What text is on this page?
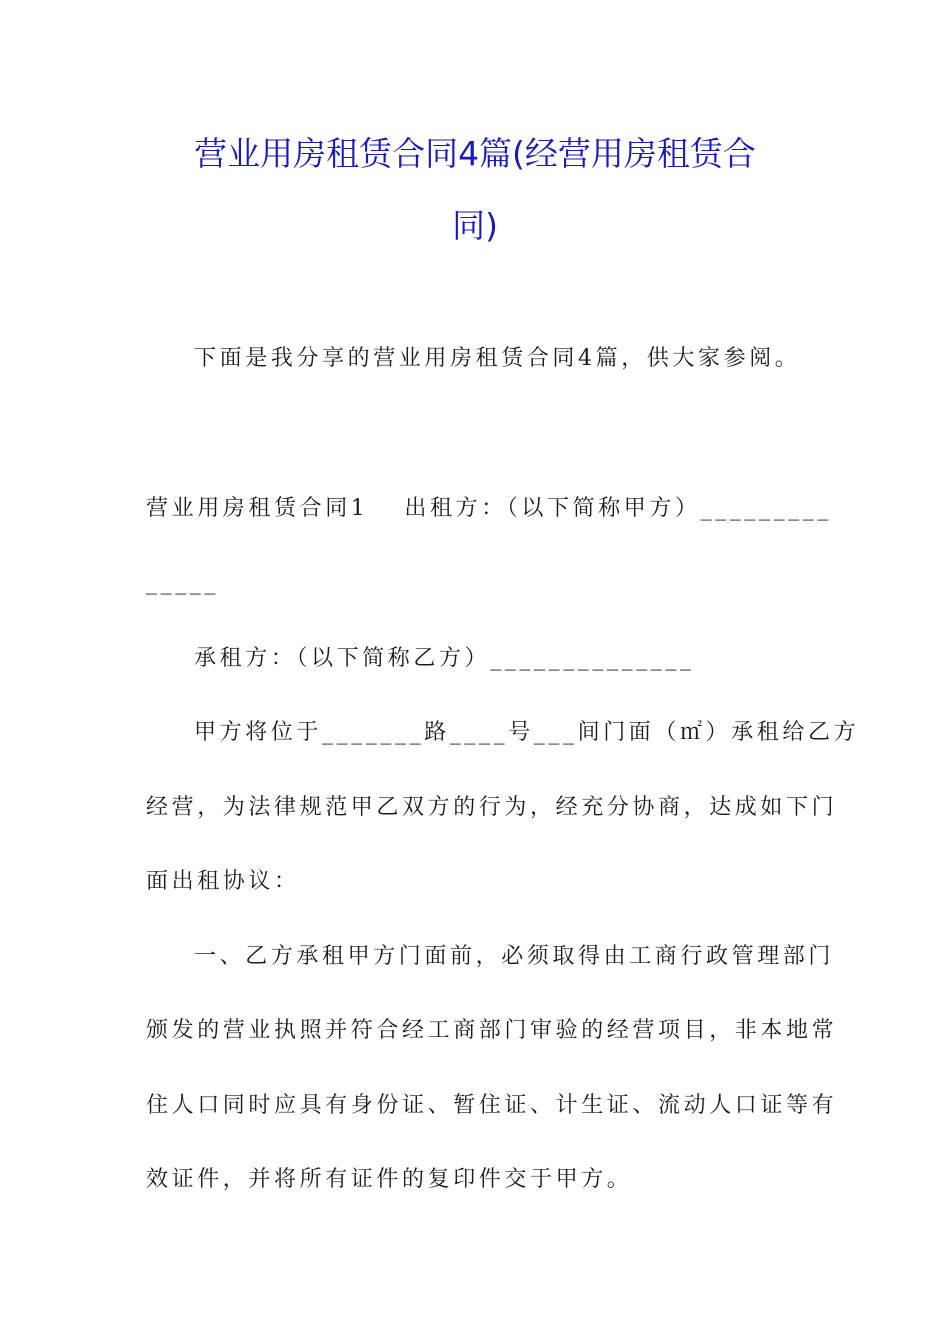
营业用房租赁合同4篇(经营用房租赁合
同)
下面是我分享的营业用房租赁合同4篇，供大家参阅。
营业用房租赁合同1 出租方：（以下简称甲方）_________
_____
承租方：（以下简称乙方）______________
甲方将位于_______路____号___间门面（㎡）承租给乙方
经营，为法律规范甲乙双方的行为，经充分协商，达成如下门
面出租协议：
一、乙方承租甲方门面前，必须取得由工商行政管理部门
颁发的营业执照并符合经工商部门审验的经营项目，非本地常
住人口同时应具有身份证、暂住证、计生证、流动人口证等有
效证件，并将所有证件的复印件交于甲方。
